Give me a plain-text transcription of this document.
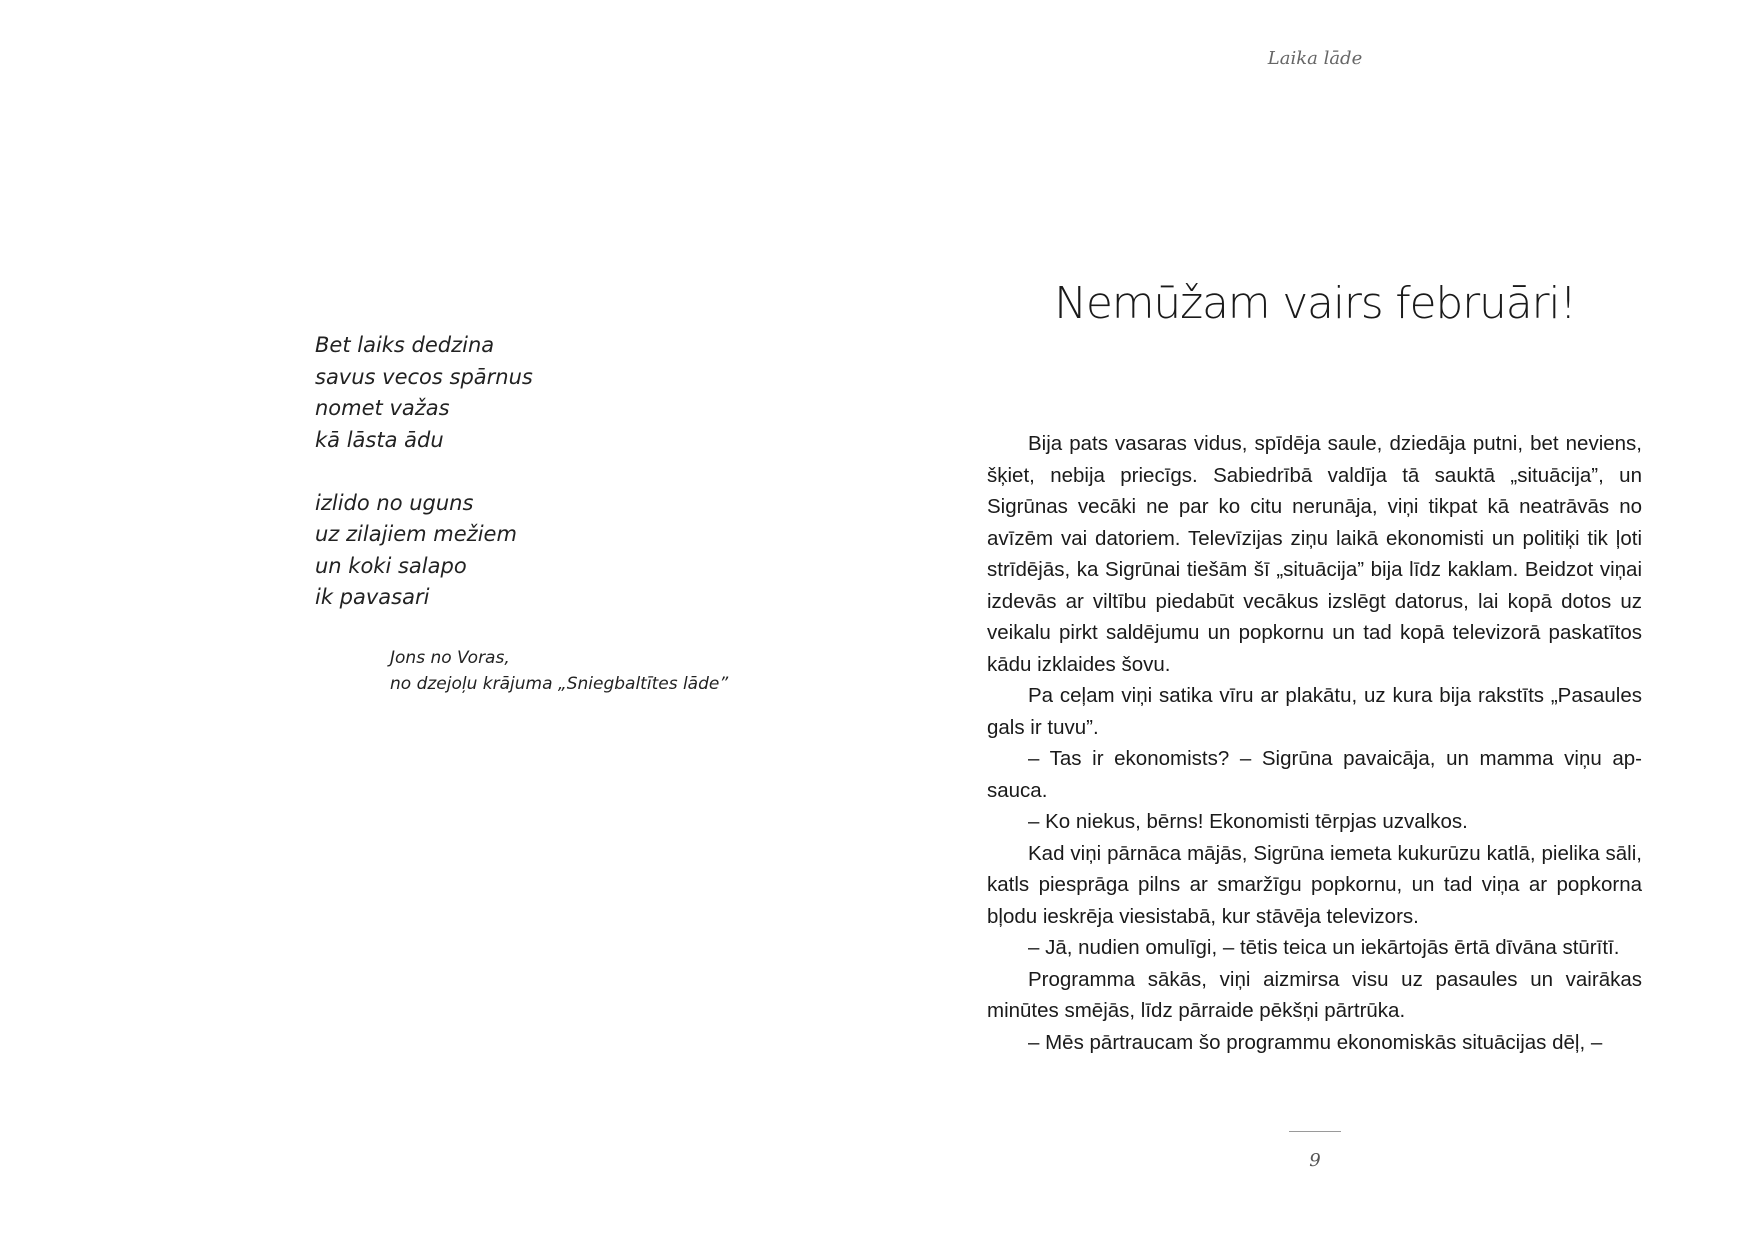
Bet laiks dedzina
savus vecos spārnus
nomet važas
kā lāsta ādu
izlido no uguns
uz zilajiem mežiem
un koki salapo
ik pavasari
Jons no Voras,
no dzejoļu krājuma „Sniegbaltītes lāde”
Laika lāde
Nemūžam vairs februāri!

Bija pats vasaras vidus, spīdēja saule, dziedāja putni, bet neviens, šķiet, nebija priecīgs. Sabiedrībā valdīja tā sauktā „situācija”, un Sigrūnas vecāki ne par ko citu nerunāja, viņi tikpat kā neatrāvās no avīzēm vai datoriem. Televīzijas ziņu laikā ekonomisti un politiķi tik ļoti strīdējās, ka Sigrūnai tiešām šī „situācija” bija līdz kaklam. Beidzot viņai izdevās ar viltību piedabūt vecākus izslēgt datorus, lai kopā dotos uz veikalu pirkt saldējumu un popkornu un tad kopā televizorā paskatītos kādu izklaides šovu.

Pa ceļam viņi satika vīru ar plakātu, uz kura bija rakstīts „Pasaules gals ir tuvu”.

– Tas ir ekonomists? – Sigrūna pavaicāja, un mamma viņu apsauca.

– Ko niekus, bērns! Ekonomisti tērpjas uzvalkos.

Kad viņi pārnāca mājās, Sigrūna iemeta kukurūzu katlā, pielika sāli, katls piesprāga pilns ar smaržīgu popkornu, un tad viņa ar popkorna bļodu ieskrēja viesistabā, kur stāvēja televizors.

– Jā, nudien omulīgi, – tētis teica un iekārtojās ērtā dīvāna stūrītī.

Programma sākās, viņi aizmirsa visu uz pasaules un vairākas minūtes smējās, līdz pārraide pēkšņi pārtrūka.

– Mēs pārtraucam šo programmu ekonomiskās situācijas dēļ, –

9
